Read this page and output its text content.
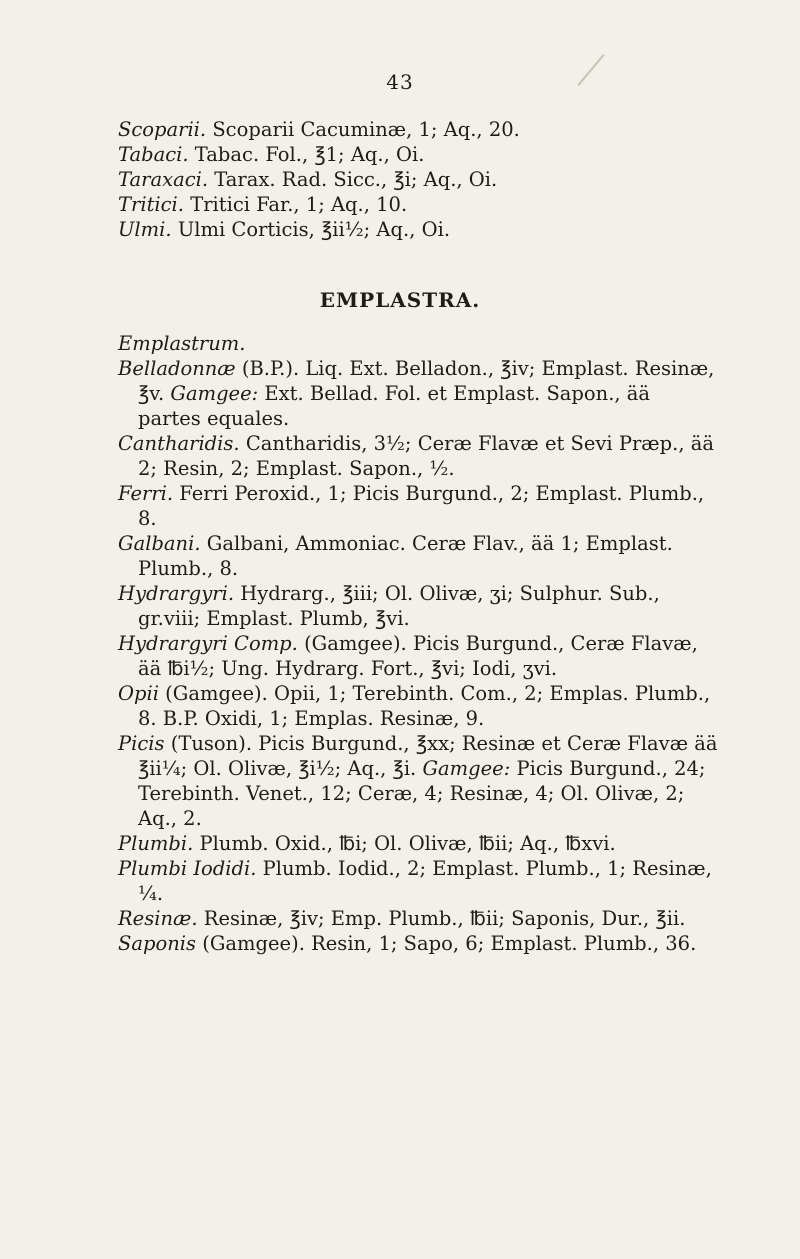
43
Scoparii. Scoparii Cacuminæ, 1; Aq., 20.
Tabaci. Tabac. Fol., ℥1; Aq., Oi.
Taraxaci. Tarax. Rad. Sicc., ℥i; Aq., Oi.
Tritici. Tritici Far., 1; Aq., 10.
Ulmi. Ulmi Corticis, ℥ii½; Aq., Oi.
EMPLASTRA.
Emplastrum.
Belladonnæ (B.P.). Liq. Ext. Belladon., ℥iv; Emplast. Resinæ, ℥v. Gamgee: Ext. Bellad. Fol. et Emplast. Sapon., ää partes equales.
Cantharidis. Cantharidis, 3½; Ceræ Flavæ et Sevi Præp., ää 2; Resin, 2; Emplast. Sapon., ½.
Ferri. Ferri Peroxid., 1; Picis Burgund., 2; Emplast. Plumb., 8.
Galbani. Galbani, Ammoniac. Ceræ Flav., ää 1; Emplast. Plumb., 8.
Hydrargyri. Hydrarg., ℥iii; Ol. Olivæ, ʒi; Sulphur. Sub., gr.viii; Emplast. Plumb, ℥vi.
Hydrargyri Comp. (Gamgee). Picis Burgund., Ceræ Flavæ, ää ℔i½; Ung. Hydrarg. Fort., ℥vi; Iodi, ʒvi.
Opii (Gamgee). Opii, 1; Terebinth. Com., 2; Emplas. Plumb., 8. B.P. Oxidi, 1; Emplas. Resinæ, 9.
Picis (Tuson). Picis Burgund., ℥xx; Resinæ et Ceræ Flavæ ää ℥ii¼; Ol. Olivæ, ℥i½; Aq., ℥i. Gamgee: Picis Burgund., 24; Terebinth. Venet., 12; Ceræ, 4; Resinæ, 4; Ol. Olivæ, 2; Aq., 2.
Plumbi. Plumb. Oxid., ℔i; Ol. Olivæ, ℔ii; Aq., ℔xvi.
Plumbi Iodidi. Plumb. Iodid., 2; Emplast. Plumb., 1; Resinæ, ¼.
Resinæ. Resinæ, ℥iv; Emp. Plumb., ℔ii; Saponis, Dur., ℥ii.
Saponis (Gamgee). Resin, 1; Sapo, 6; Emplast. Plumb., 36.
